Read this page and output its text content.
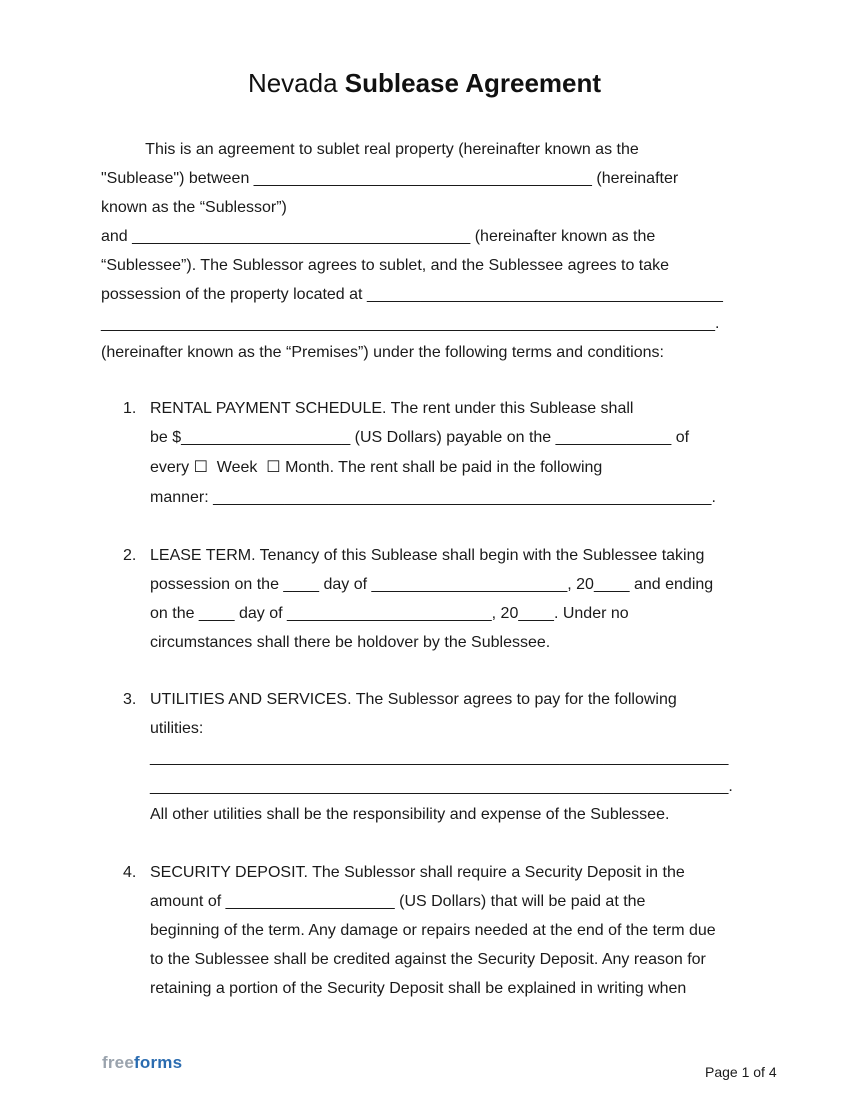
Nevada Sublease Agreement
This is an agreement to sublet real property (hereinafter known as the
"Sublease") between ______________________________________ (hereinafter
known as the “Sublessor”)
and ______________________________________ (hereinafter known as the
“Sublessee”). The Sublessor agrees to sublet, and the Sublessee agrees to take
possession of the property located at ________________________________________
_____________________________________________________________________.
(hereinafter known as the “Premises”) under the following terms and conditions:
1. RENTAL PAYMENT SCHEDULE. The rent under this Sublease shall
be $___________________ (US Dollars) payable on the _____________ of
every ☐  Week  ☐ Month. The rent shall be paid in the following
manner: ________________________________________________________.
2. LEASE TERM. Tenancy of this Sublease shall begin with the Sublessee taking
possession on the ____ day of ______________________, 20____ and ending
on the ____ day of _______________________, 20____. Under no
circumstances shall there be holdover by the Sublessee.
3. UTILITIES AND SERVICES. The Sublessor agrees to pay for the following
utilities:
_________________________________________________________________
_________________________________________________________________.
All other utilities shall be the responsibility and expense of the Sublessee.
4. SECURITY DEPOSIT. The Sublessor shall require a Security Deposit in the
amount of ___________________ (US Dollars) that will be paid at the
beginning of the term. Any damage or repairs needed at the end of the term due
to the Sublessee shall be credited against the Security Deposit. Any reason for
retaining a portion of the Security Deposit shall be explained in writing when
freeforms	Page 1 of 4
